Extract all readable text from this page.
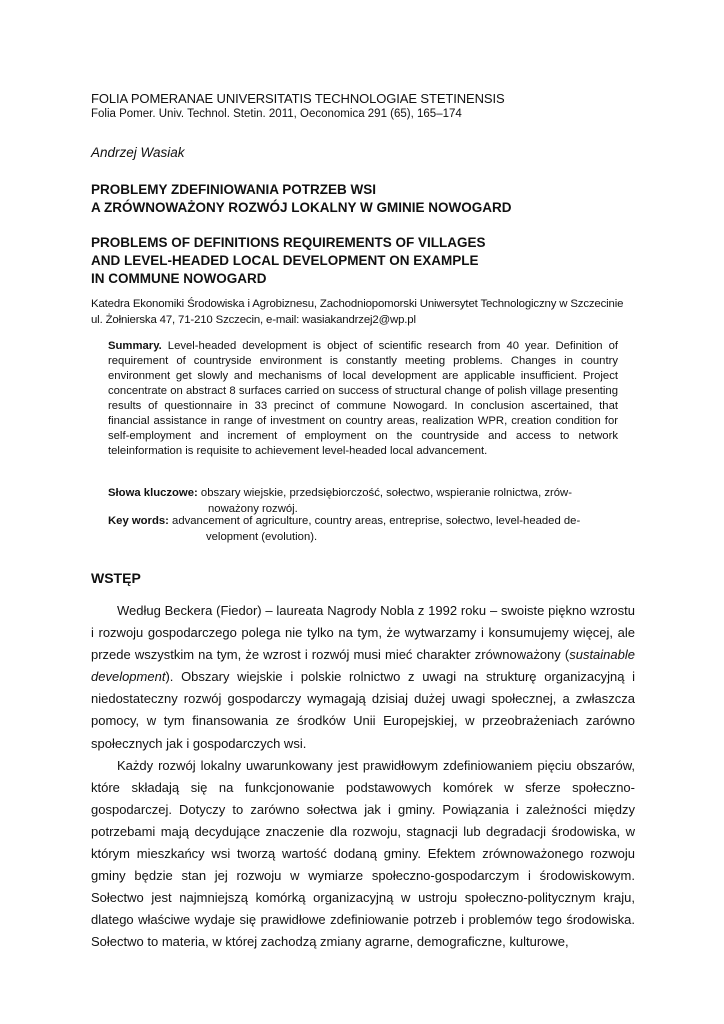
FOLIA POMERANAE UNIVERSITATIS TECHNOLOGIAE STETINENSIS
Folia Pomer. Univ. Technol. Stetin. 2011, Oeconomica 291 (65), 165–174
Andrzej Wasiak
PROBLEMY ZDEFINIOWANIA POTRZEB WSI
A ZRÓWNOWAŻONY ROZWÓJ LOKALNY W GMINIE NOWOGARD
PROBLEMS OF DEFINITIONS REQUIREMENTS OF VILLAGES
AND LEVEL-HEADED LOCAL DEVELOPMENT ON EXAMPLE
IN COMMUNE NOWOGARD
Katedra Ekonomiki Środowiska i Agrobiznesu, Zachodniopomorski Uniwersytet Technologiczny w Szczecinie
ul. Żołnierska 47, 71-210 Szczecin, e-mail: wasiakandrzej2@wp.pl
Summary. Level-headed development is object of scientific research from 40 year. Definition of requirement of countryside environment is constantly meeting problems. Changes in country environment get slowly and mechanisms of local development are applicable insufficient. Project concentrate on abstract 8 surfaces carried on success of structural change of polish village presenting results of questionnaire in 33 precinct of commune Nowogard. In conclusion ascertained, that financial assistance in range of investment on country areas, realization WPR, creation condition for self-employment and increment of employment on the countryside and access to network teleinformation is requisite to achievement level-headed local advancement.
Słowa kluczowe: obszary wiejskie, przedsiębiorczość, sołectwo, wspieranie rolnictwa, zrów-
noważony rozwój.
Key words: advancement of agriculture, country areas, entreprise, sołectwo, level-headed de-
velopment (evolution).
WSTĘP

Według Beckera (Fiedor) – laureata Nagrody Nobla z 1992 roku – swoiste piękno wzrostu i rozwoju gospodarczego polega nie tylko na tym, że wytwarzamy i konsumujemy więcej, ale przede wszystkim na tym, że wzrost i rozwój musi mieć charakter zrównoważony (sustainable development). Obszary wiejskie i polskie rolnictwo z uwagi na strukturę organizacyjną i niedostateczny rozwój gospodarczy wymagają dzisiaj dużej uwagi społecznej, a zwłaszcza pomocy, w tym finansowania ze środków Unii Europejskiej, w przeobrażeniach zarówno społecznych jak i gospodarczych wsi.

Każdy rozwój lokalny uwarunkowany jest prawidłowym zdefiniowaniem pięciu obszarów, które składają się na funkcjonowanie podstawowych komórek w sferze społeczno-gospodarczej. Dotyczy to zarówno sołectwa jak i gminy. Powiązania i zależności między potrzebami mają decydujące znaczenie dla rozwoju, stagnacji lub degradacji środowiska, w którym mieszkańcy wsi tworzą wartość dodaną gminy. Efektem zrównoważonego rozwoju gminy będzie stan jej rozwoju w wymiarze społeczno-gospodarczym i środowiskowym. Sołectwo jest najmniejszą komórką organizacyjną w ustroju społeczno-politycznym kraju, dlatego właściwe wydaje się prawidłowe zdefiniowanie potrzeb i problemów tego środowiska. Sołectwo to materia, w której zachodzą zmiany agrarne, demograficzne, kulturowe,
